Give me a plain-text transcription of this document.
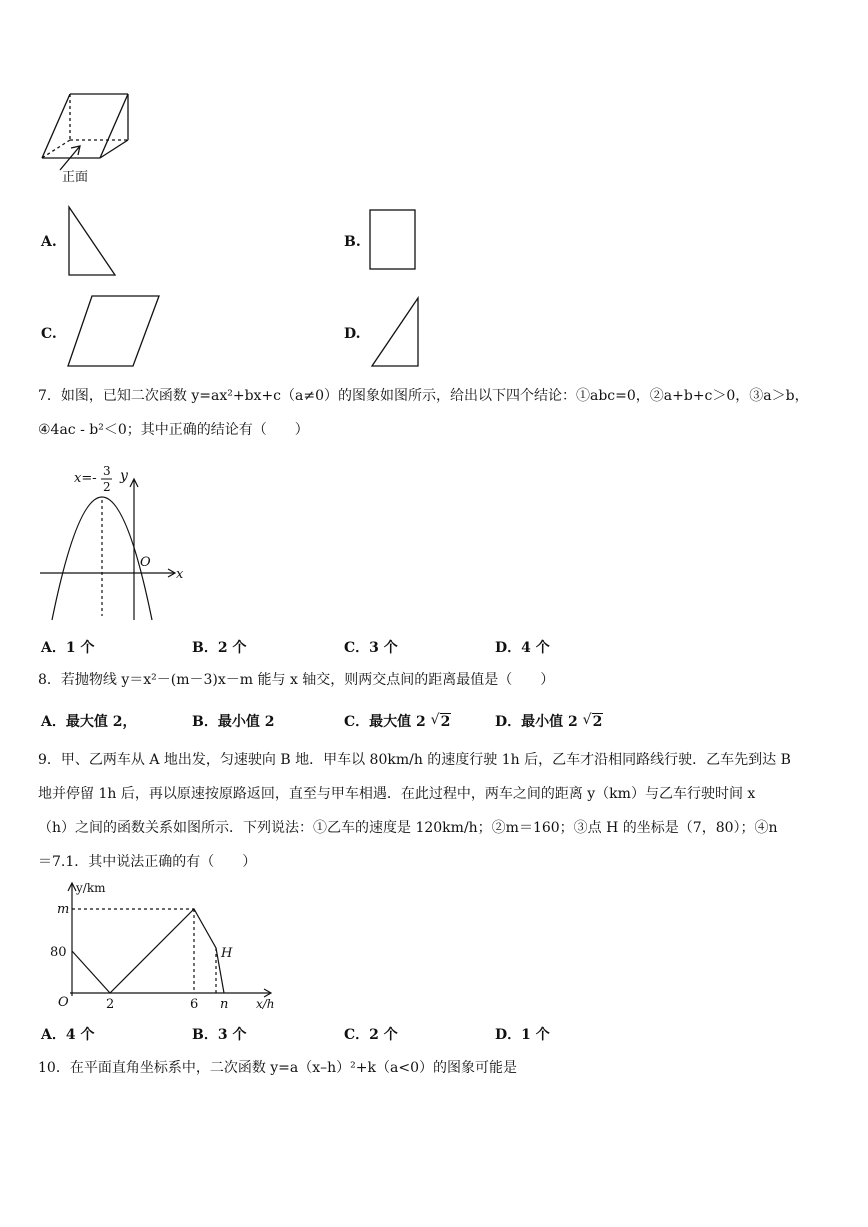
正面
A.	B.
C.	D.
7．如图，已知二次函数 y=ax²+bx+c（a≠0）的图象如图所示，给出以下四个结论：①abc=0，②a+b+c＞0，③a＞b，
④4ac - b²＜0；其中正确的结论有（　　）
x=- 3
2
y
O
x
A．1 个	B．2 个	C．3 个	D．4 个
8．若抛物线 y＝x²－(m－3)x－m 能与 x 轴交，则两交点间的距离最值是（　　）
A．最大值 2，	B．最小值 2	C．最大值 2 √ 2	D．最小值 2 √ 2
9．甲、乙两车从 A 地出发，匀速驶向 B 地．甲车以 80km/h 的速度行驶 1h 后，乙车才沿相同路线行驶．乙车先到达 B
地并停留 1h 后，再以原速按原路返回，直至与甲车相遇．在此过程中，两车之间的距离 y（km）与乙车行驶时间 x
（h）之间的函数关系如图所示．下列说法：①乙车的速度是 120km/h；②m＝160；③点 H 的坐标是（7，80）；④n
＝7.1．其中说法正确的有（　　）
y/km
m
80	H
O	2	6 n x/h
A．4 个	B．3 个	C．2 个	D．1 个
10．在平面直角坐标系中，二次函数 y=a（x–h）²+k（a<0）的图象可能是
